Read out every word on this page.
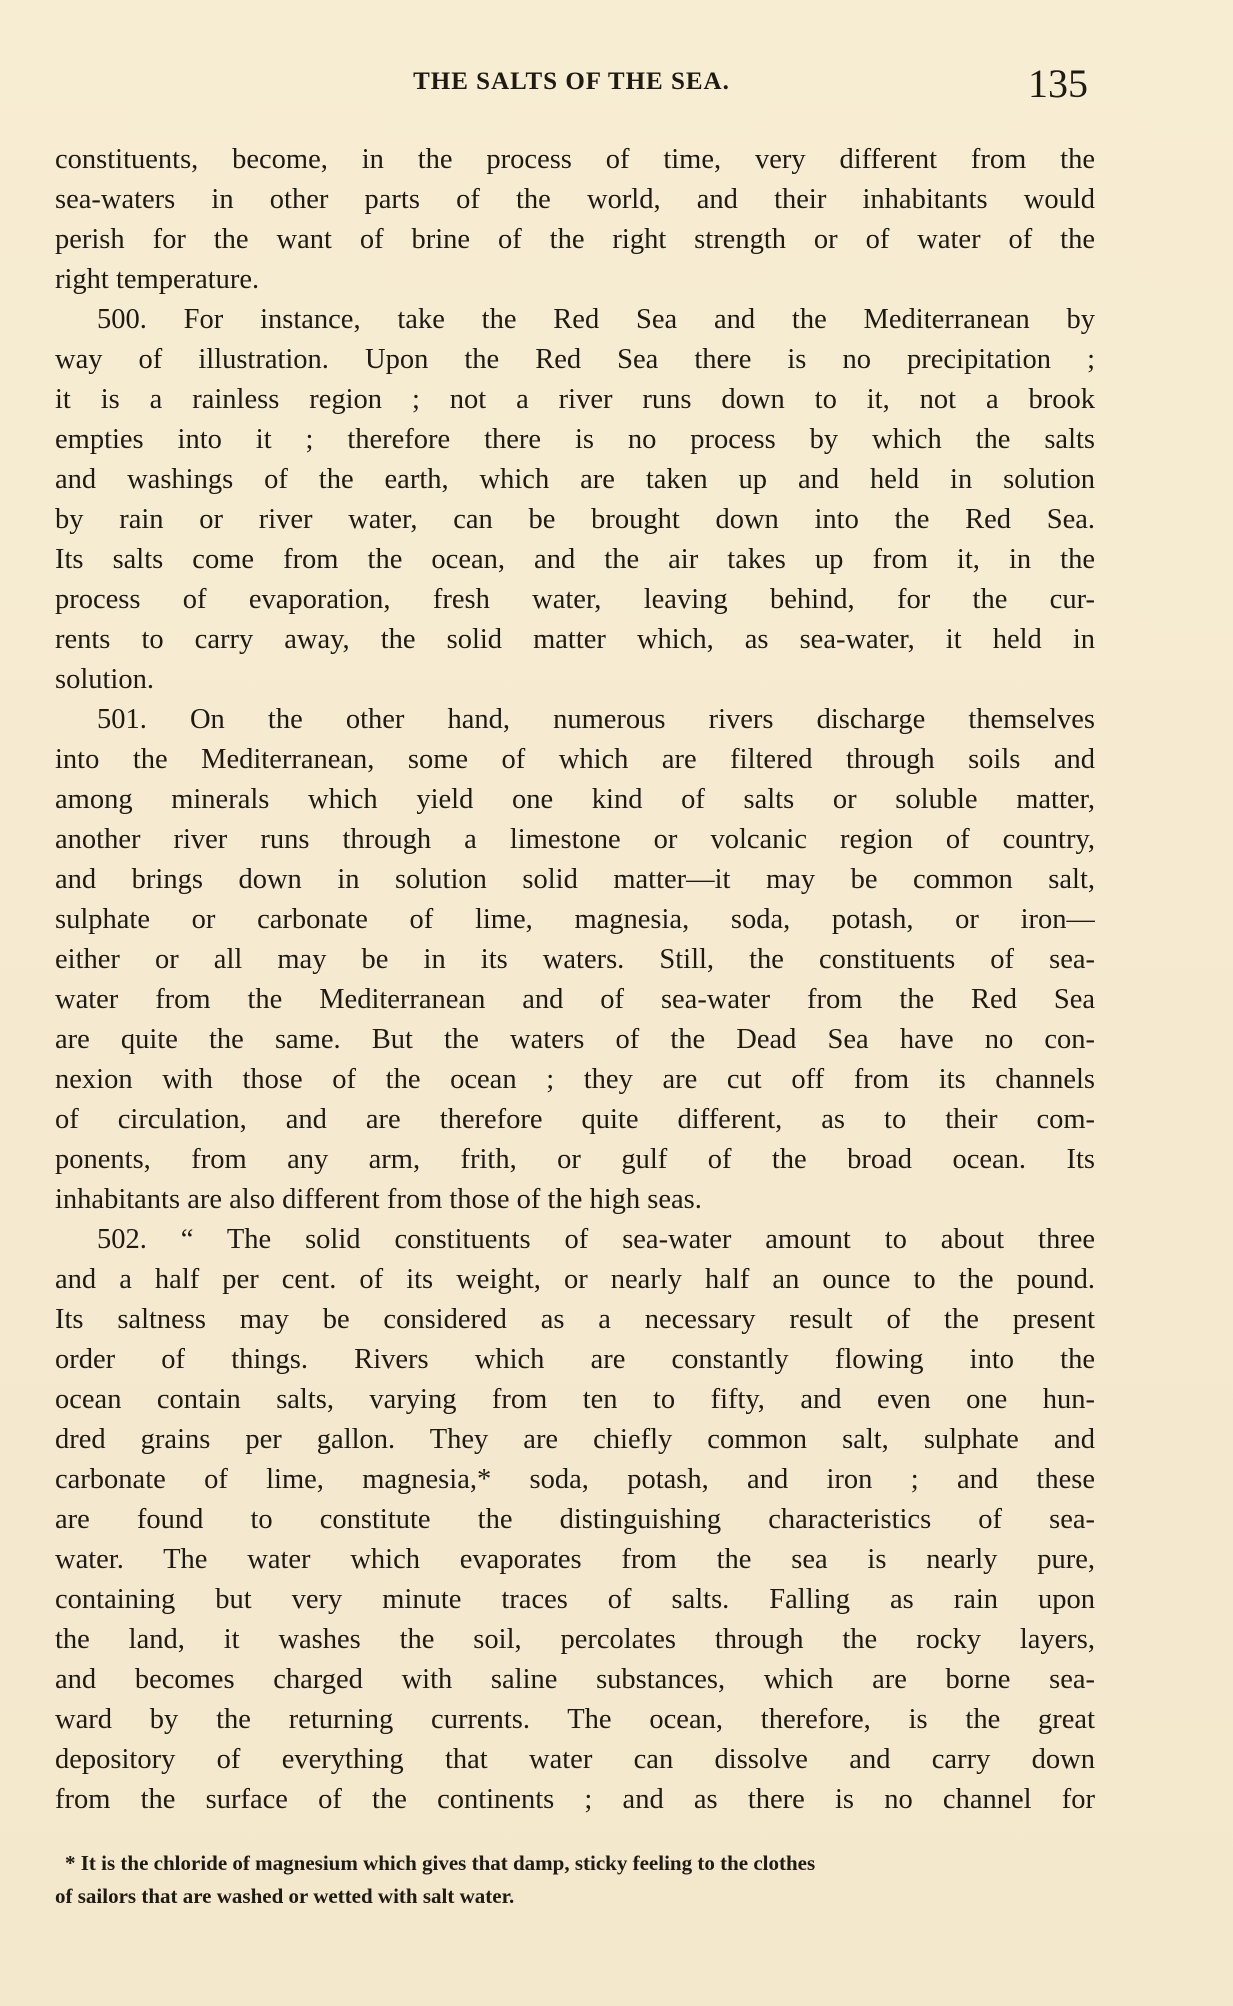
THE SALTS OF THE SEA.	135
constituents, become, in the process of time, very different from the
sea-waters in other parts of the world, and their inhabitants would
perish for the want of brine of the right strength or of water of the
right temperature.
500. For instance, take the Red Sea and the Mediterranean by
way of illustration. Upon the Red Sea there is no precipitation ;
it is a rainless region ; not a river runs down to it, not a brook
empties into it ; therefore there is no process by which the salts
and washings of the earth, which are taken up and held in solution
by rain or river water, can be brought down into the Red Sea.
Its salts come from the ocean, and the air takes up from it, in the
process of evaporation, fresh water, leaving behind, for the cur-
rents to carry away, the solid matter which, as sea-water, it held in
solution.
501. On the other hand, numerous rivers discharge themselves
into the Mediterranean, some of which are filtered through soils and
among minerals which yield one kind of salts or soluble matter,
another river runs through a limestone or volcanic region of country,
and brings down in solution solid matter—it may be common salt,
sulphate or carbonate of lime, magnesia, soda, potash, or iron—
either or all may be in its waters. Still, the constituents of sea-
water from the Mediterranean and of sea-water from the Red Sea
are quite the same. But the waters of the Dead Sea have no con-
nexion with those of the ocean ; they are cut off from its channels
of circulation, and are therefore quite different, as to their com-
ponents, from any arm, frith, or gulf of the broad ocean. Its
inhabitants are also different from those of the high seas.
502. “ The solid constituents of sea-water amount to about three
and a half per cent. of its weight, or nearly half an ounce to the pound.
Its saltness may be considered as a necessary result of the present
order of things. Rivers which are constantly flowing into the
ocean contain salts, varying from ten to fifty, and even one hun-
dred grains per gallon. They are chiefly common salt, sulphate and
carbonate of lime, magnesia,* soda, potash, and iron ; and these
are found to constitute the distinguishing characteristics of sea-
water. The water which evaporates from the sea is nearly pure,
containing but very minute traces of salts. Falling as rain upon
the land, it washes the soil, percolates through the rocky layers,
and becomes charged with saline substances, which are borne sea-
ward by the returning currents. The ocean, therefore, is the great
depository of everything that water can dissolve and carry down
from the surface of the continents ; and as there is no channel for
* It is the chloride of magnesium which gives that damp, sticky feeling to the clothes
of sailors that are washed or wetted with salt water.
